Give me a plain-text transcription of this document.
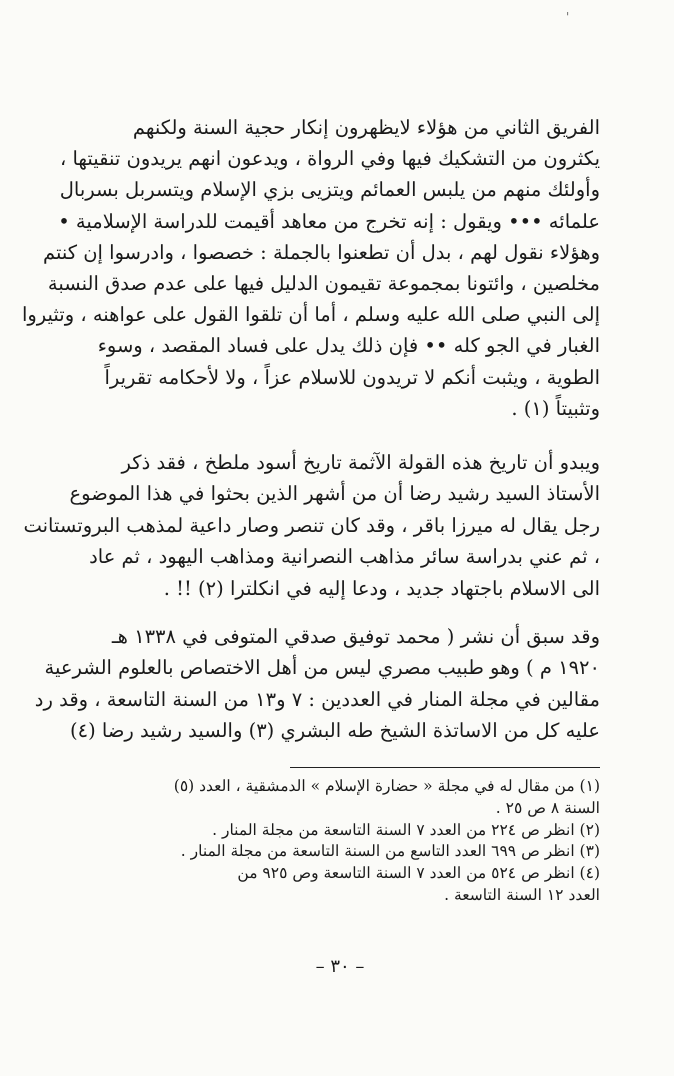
'
الفريق الثاني من هؤلاء لايظهرون إنكار حجية السنة ولكنهم
يكثرون من التشكيك فيها وفي الرواة ، ويدعون انهم يريدون تنقيتها ،
وأولئك منهم من يلبس العمائم ويتزيى بزي الإسلام ويتسربل بسربال
علمائه ••• ويقول : إنه تخرج من معاهد أقيمت للدراسة الإسلامية •
وهؤلاء نقول لهم ، بدل أن تطعنوا بالجملة : خصصوا ، وادرسوا إن كنتم
مخلصين ، وائتونا بمجموعة تقيمون الدليل فيها على عدم صدق النسبة
إلى النبي صلى الله عليه وسلم ، أما أن تلقوا القول على عواهنه ، وتثيروا
الغبار في الجو كله •• فإن ذلك يدل على فساد المقصد ، وسوء
الطوية ، ويثبت أنكم لا تريدون للاسلام عزاً ، ولا لأحكامه تقريراً
وتثبيتاً (١) .
ويبدو أن تاريخ هذه القولة الآثمة تاريخ أسود ملطخ ، فقد ذكر
الأستاذ السيد رشيد رضا أن من أشهر الذين بحثوا في هذا الموضوع
رجل يقال له ميرزا باقر ، وقد كان تنصر وصار داعية لمذهب البروتستانت
، ثم عني بدراسة سائر مذاهب النصرانية ومذاهب اليهود ، ثم عاد
الى الاسلام باجتهاد جديد ، ودعا إليه في انكلترا (٢) !! .
وقد سبق أن نشر ( محمد توفيق صدقي المتوفى في ١٣٣٨ هـ
١٩٢٠ م ) وهو طبيب مصري ليس من أهل الاختصاص بالعلوم الشرعية
مقالين في مجلة المنار في العددين : ٧ و١٣ من السنة التاسعة ، وقد رد
عليه كل من الاساتذة الشيخ طه البشري (٣) والسيد رشيد رضا (٤)
(١) من مقال له في مجلة « حضارة الإسلام » الدمشقية ، العدد (٥)
السنة ٨ ص ٢٥ .
(٢) انظر ص ٢٢٤ من العدد ٧ السنة التاسعة من مجلة المنار .
(٣) انظر ص ٦٩٩ العدد التاسع من السنة التاسعة من مجلة المنار .
(٤) انظر ص ٥٢٤ من العدد ٧ السنة التاسعة وص ٩٢٥ من
العدد ١٢ السنة التاسعة .
– ٣٠ –
